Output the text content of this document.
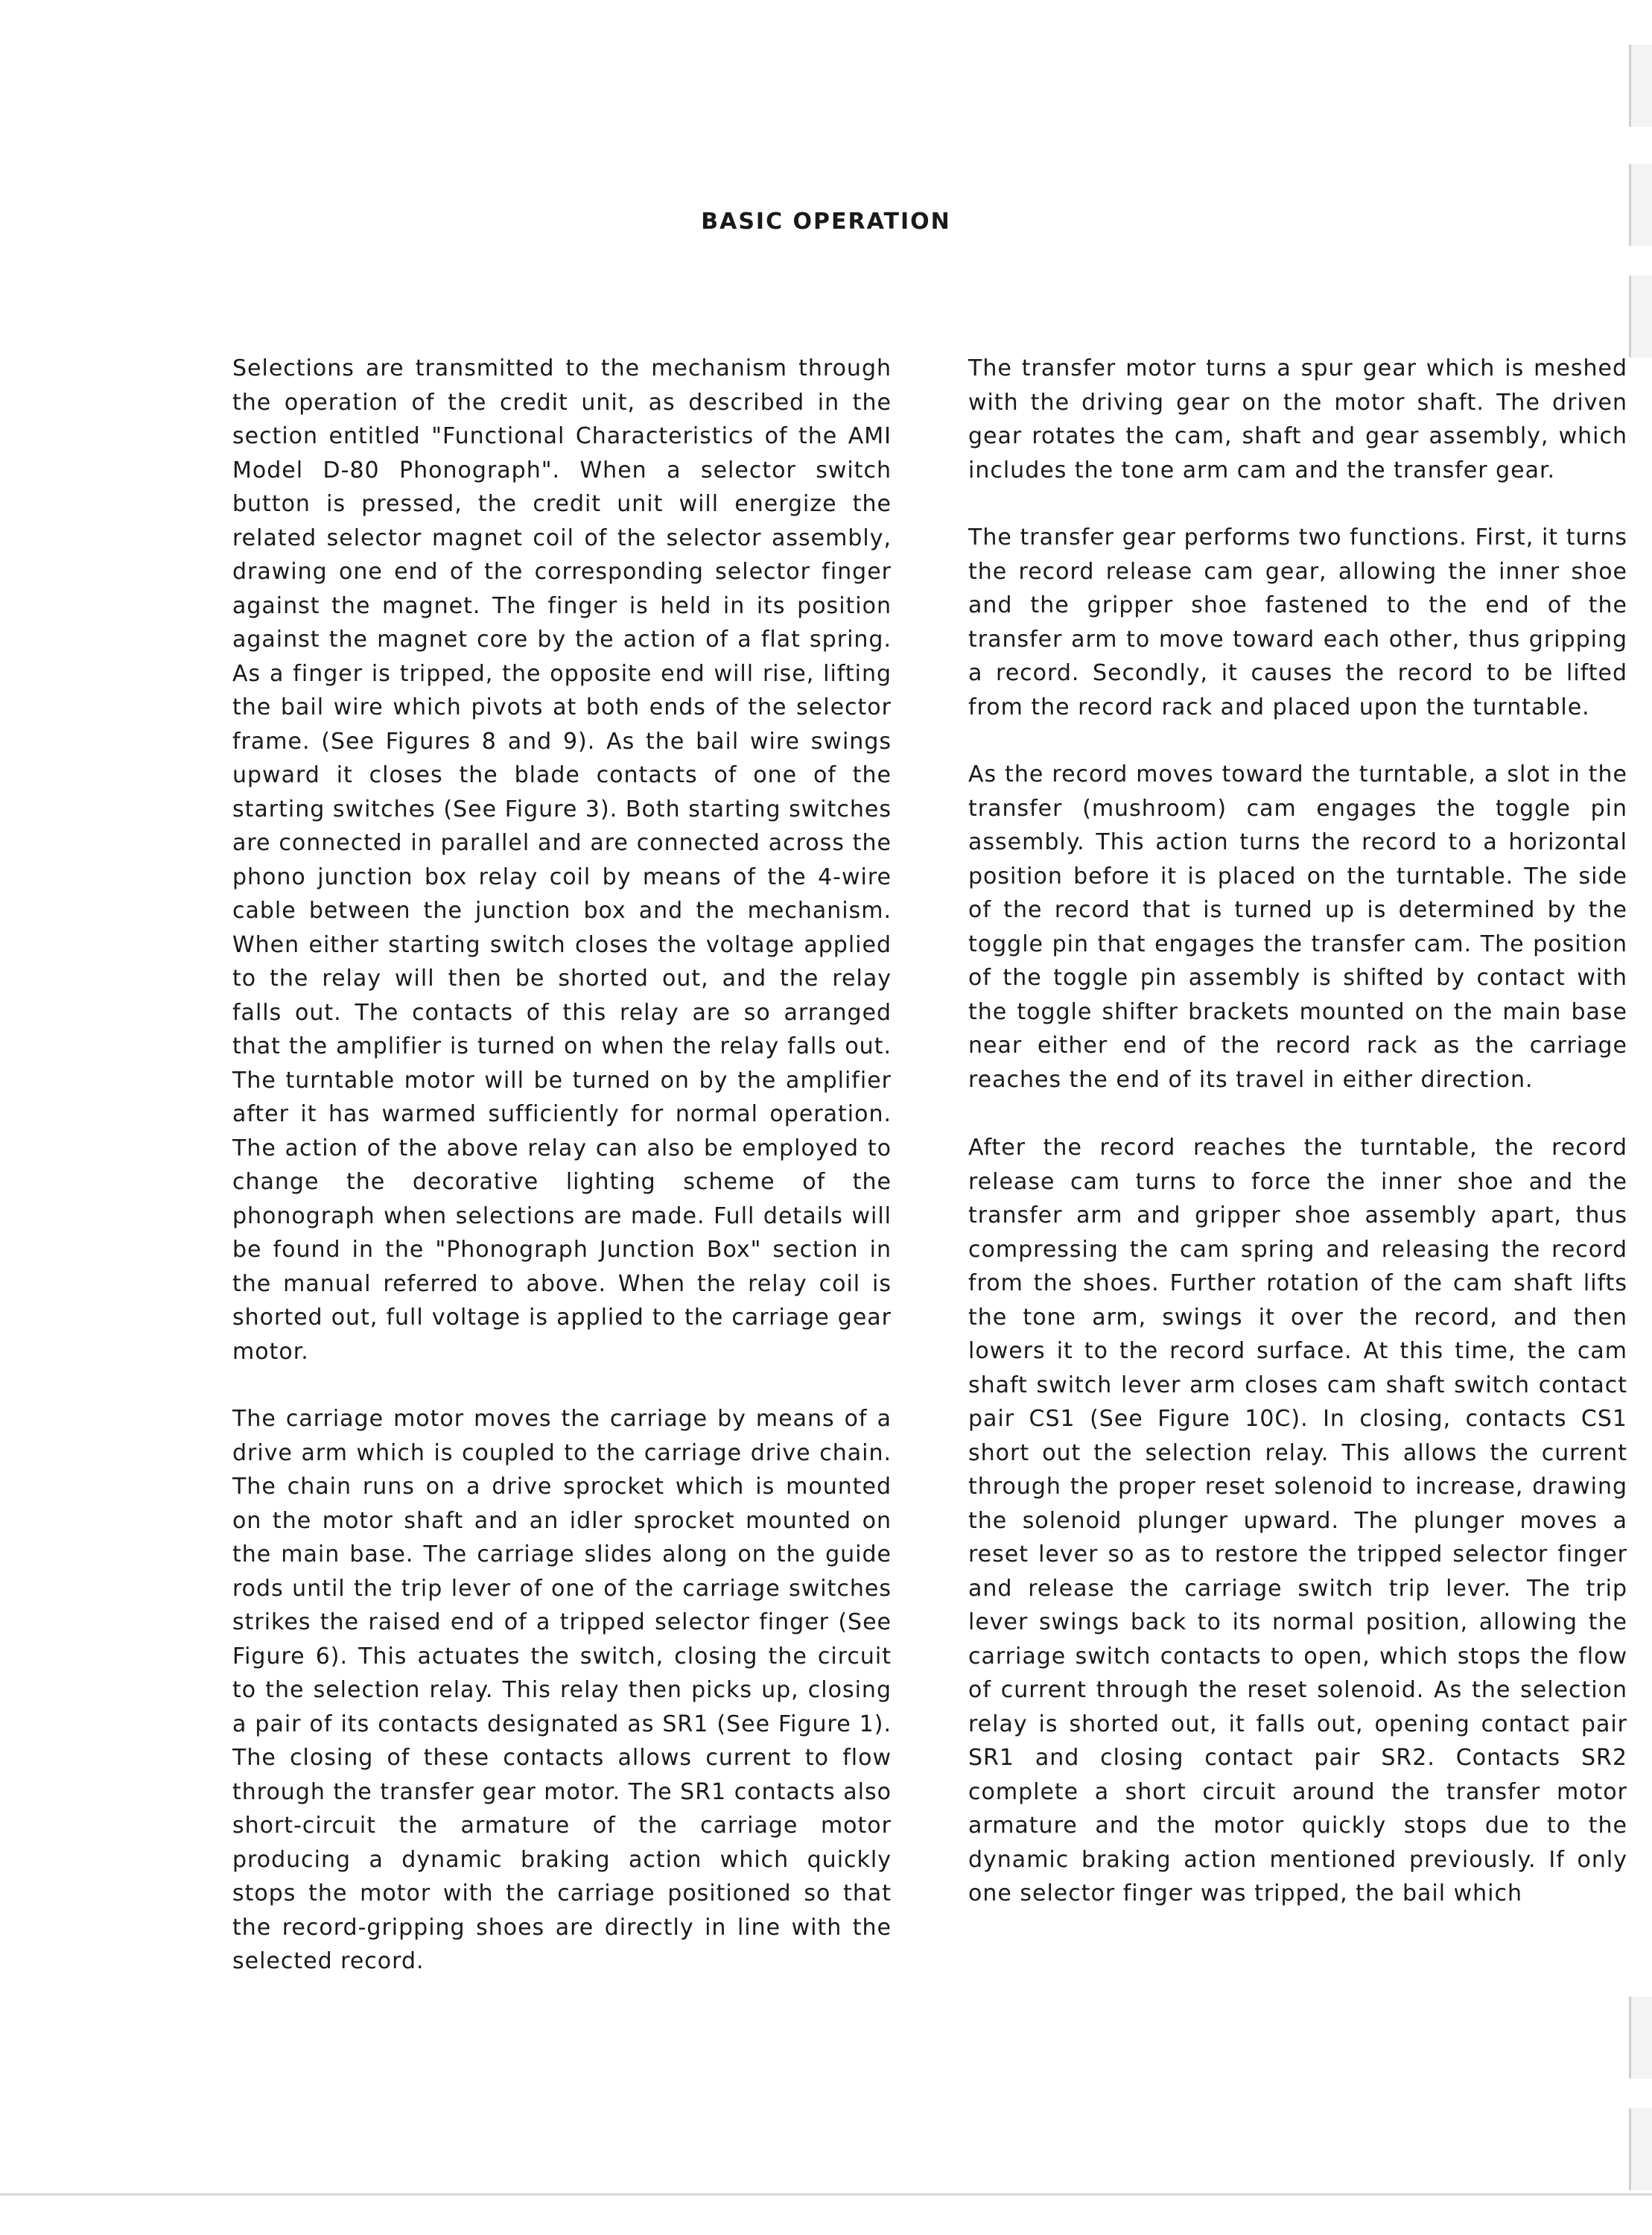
BASIC OPERATION

Selections are transmitted to the mechanism through the operation of the credit unit, as described in the section entitled "Functional Characteristics of the AMI Model D-80 Phonograph". When a selector switch button is pressed, the credit unit will energize the related selector magnet coil of the selector assembly, drawing one end of the corresponding selector finger against the magnet. The finger is held in its position against the magnet core by the action of a flat spring. As a finger is tripped, the opposite end will rise, lifting the bail wire which pivots at both ends of the selector frame. (See Figures 8 and 9). As the bail wire swings upward it closes the blade contacts of one of the starting switches (See Figure 3). Both starting switches are connected in parallel and are connected across the phono junction box relay coil by means of the 4-wire cable between the junction box and the mechanism. When either starting switch closes the voltage applied to the relay will then be shorted out, and the relay falls out. The contacts of this relay are so arranged that the amplifier is turned on when the relay falls out. The turntable motor will be turned on by the amplifier after it has warmed sufficiently for normal operation. The action of the above relay can also be employed to change the decorative lighting scheme of the phonograph when selections are made. Full details will be found in the "Phonograph Junction Box" section in the manual referred to above. When the relay coil is shorted out, full voltage is applied to the carriage gear motor.

The carriage motor moves the carriage by means of a drive arm which is coupled to the carriage drive chain. The chain runs on a drive sprocket which is mounted on the motor shaft and an idler sprocket mounted on the main base. The carriage slides along on the guide rods until the trip lever of one of the carriage switches strikes the raised end of a tripped selector finger (See Figure 6). This actuates the switch, closing the circuit to the selection relay. This relay then picks up, closing a pair of its contacts designated as SR1 (See Figure 1). The closing of these contacts allows current to flow through the transfer gear motor. The SR1 contacts also short-circuit the armature of the carriage motor producing a dynamic braking action which quickly stops the motor with the carriage positioned so that the record-gripping shoes are directly in line with the selected record.

The transfer motor turns a spur gear which is meshed with the driving gear on the motor shaft. The driven gear rotates the cam, shaft and gear assembly, which includes the tone arm cam and the transfer gear.

The transfer gear performs two functions. First, it turns the record release cam gear, allowing the inner shoe and the gripper shoe fastened to the end of the transfer arm to move toward each other, thus gripping a record. Secondly, it causes the record to be lifted from the record rack and placed upon the turntable.

As the record moves toward the turntable, a slot in the transfer (mushroom) cam engages the toggle pin assembly. This action turns the record to a horizontal position before it is placed on the turntable. The side of the record that is turned up is determined by the toggle pin that engages the transfer cam. The position of the toggle pin assembly is shifted by contact with the toggle shifter brackets mounted on the main base near either end of the record rack as the carriage reaches the end of its travel in either direction.

After the record reaches the turntable, the record release cam turns to force the inner shoe and the transfer arm and gripper shoe assembly apart, thus compressing the cam spring and releasing the record from the shoes. Further rotation of the cam shaft lifts the tone arm, swings it over the record, and then lowers it to the record surface. At this time, the cam shaft switch lever arm closes cam shaft switch contact pair CS1 (See Figure 10C). In closing, contacts CS1 short out the selection relay. This allows the current through the proper reset solenoid to increase, drawing the solenoid plunger upward. The plunger moves a reset lever so as to restore the tripped selector finger and release the carriage switch trip lever. The trip lever swings back to its normal position, allowing the carriage switch contacts to open, which stops the flow of current through the reset solenoid. As the selection relay is shorted out, it falls out, opening contact pair SR1 and closing contact pair SR2. Contacts SR2 complete a short circuit around the transfer motor armature and the motor quickly stops due to the dynamic braking action mentioned previously. If only one selector finger was tripped, the bail which
